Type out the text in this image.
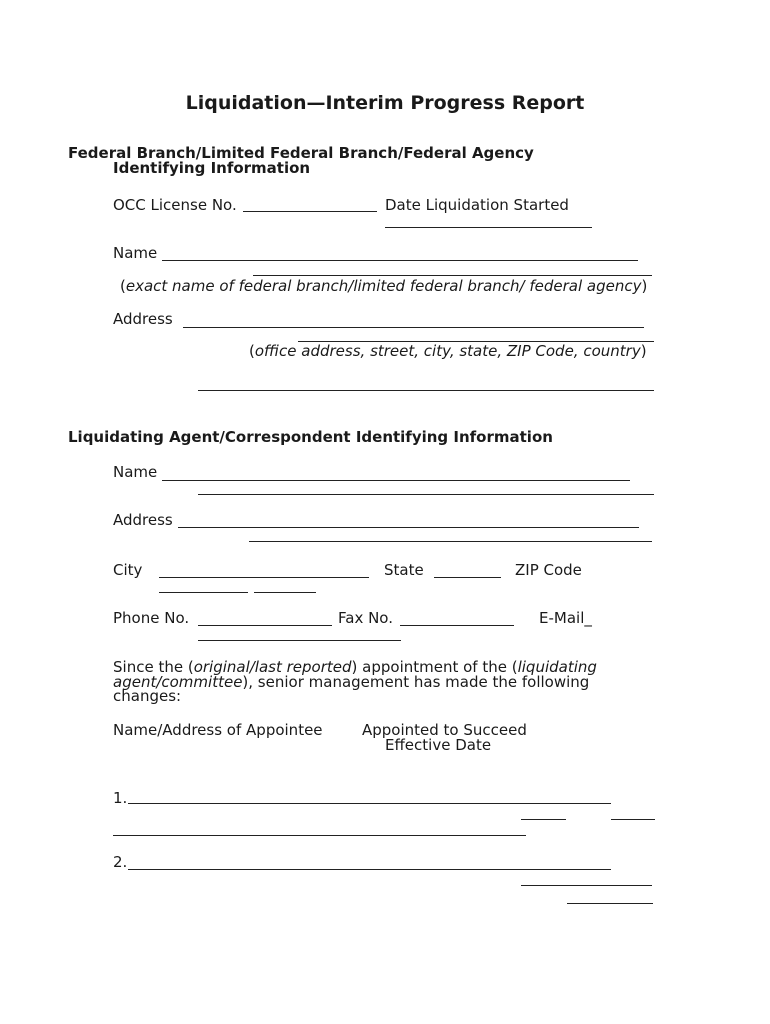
Liquidation—Interim Progress Report
Federal Branch/Limited Federal Branch/Federal Agency
Identifying Information
OCC License No.	Date Liquidation Started
Name
(exact name of federal branch/limited federal branch/ federal agency)
Address
(office address, street, city, state, ZIP Code, country)
Liquidating Agent/Correspondent Identifying Information
Name
Address
City	State	ZIP Code
Phone No.	Fax No.	E-Mail_
Since the (original/last reported) appointment of the (liquidating
agent/committee), senior management has made the following
changes:
Name/Address of Appointee	Appointed to Succeed
Effective Date
1.
2.
